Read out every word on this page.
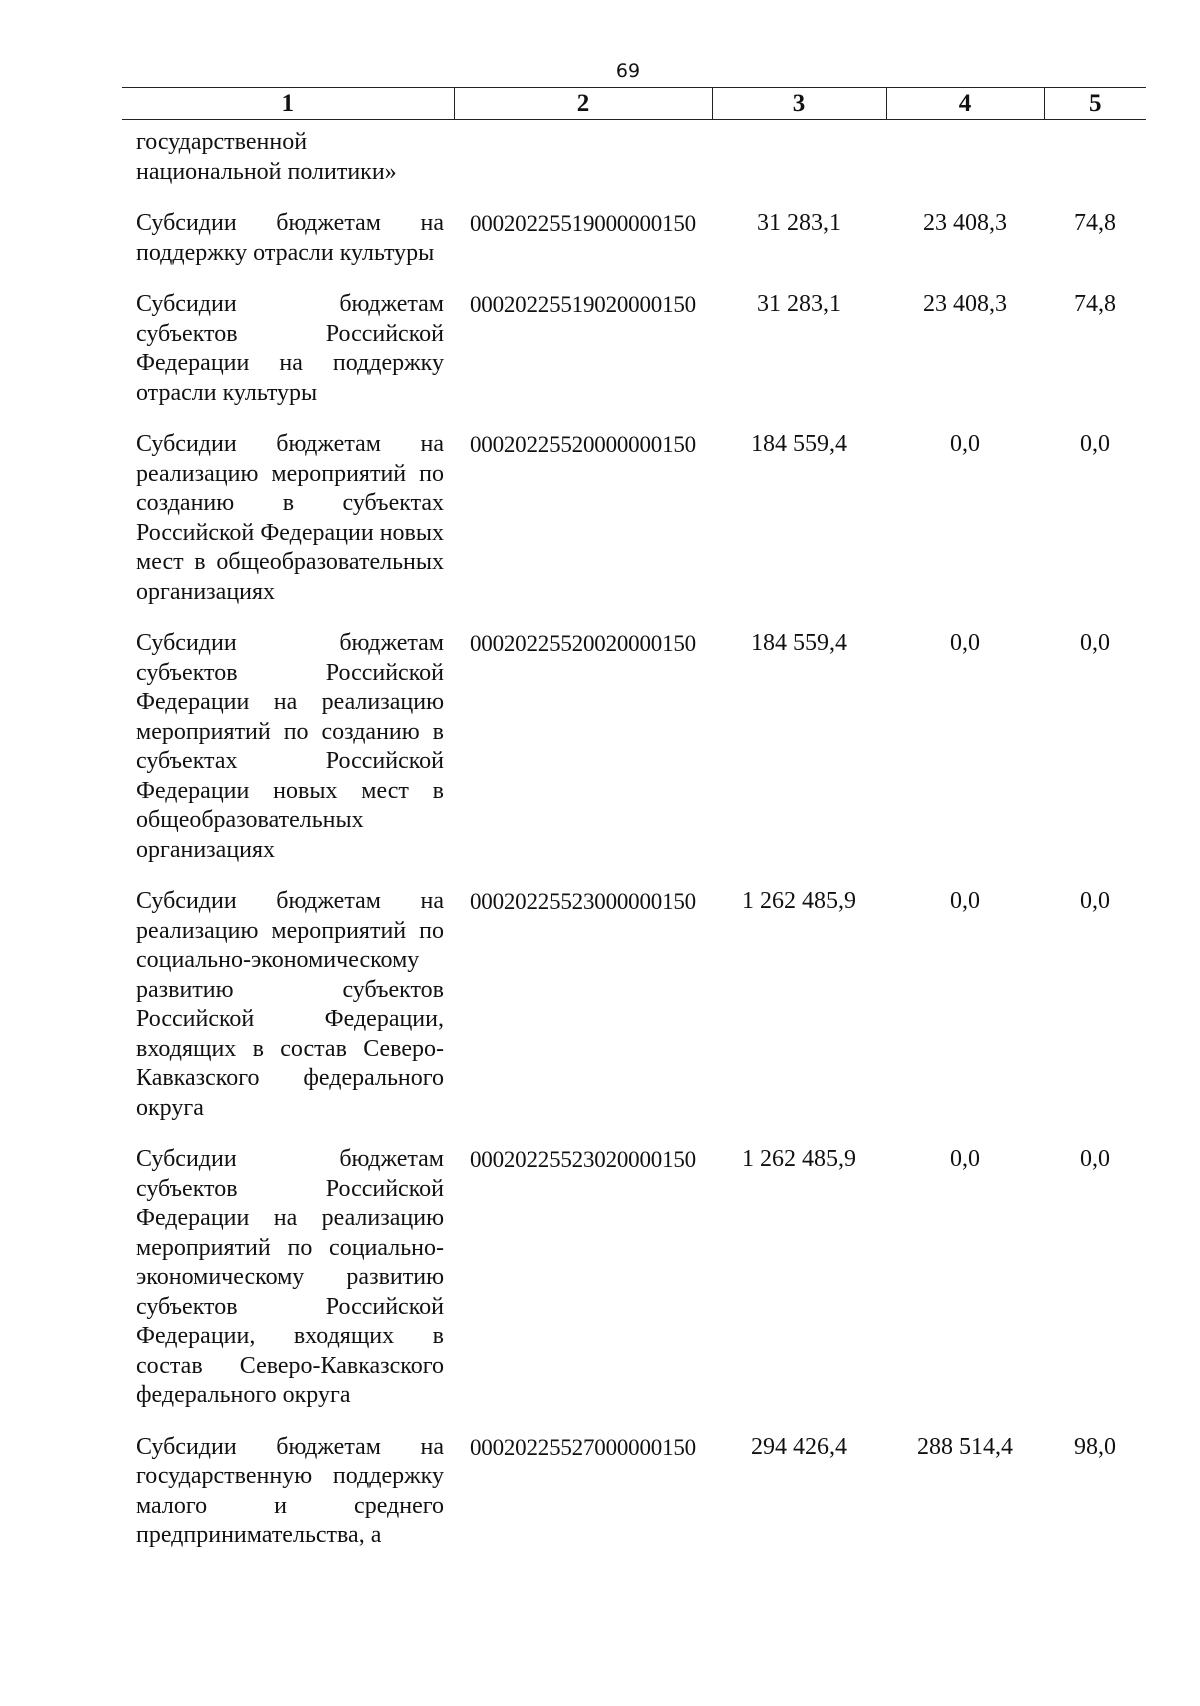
69
1	2	3	4	5
государственной национальной политики»				
Субсидии бюджетам на поддержку отрасли культуры	00020225519000000150	31 283,1	23 408,3	74,8
Субсидии бюджетам субъектов Российской Федерации на поддержку отрасли культуры	00020225519020000150	31 283,1	23 408,3	74,8
Субсидии бюджетам на реализацию мероприятий по созданию в субъектах Российской Федерации новых мест в общеобразовательных организациях	00020225520000000150	184 559,4	0,0	0,0
Субсидии бюджетам субъектов Российской Федерации на реализацию мероприятий по созданию в субъектах Российской Федерации новых мест в общеобразовательных организациях	00020225520020000150	184 559,4	0,0	0,0
Субсидии бюджетам на реализацию мероприятий по социально-экономическому развитию субъектов Российской Федерации, входящих в состав Северо-Кавказского федерального округа	00020225523000000150	1 262 485,9	0,0	0,0
Субсидии бюджетам субъектов Российской Федерации на реализацию мероприятий по социально-экономическому развитию субъектов Российской Федерации, входящих в состав Северо-Кавказского федерального округа	00020225523020000150	1 262 485,9	0,0	0,0
Субсидии бюджетам на государственную поддержку малого и среднего предпринимательства, а	00020225527000000150	294 426,4	288 514,4	98,0
